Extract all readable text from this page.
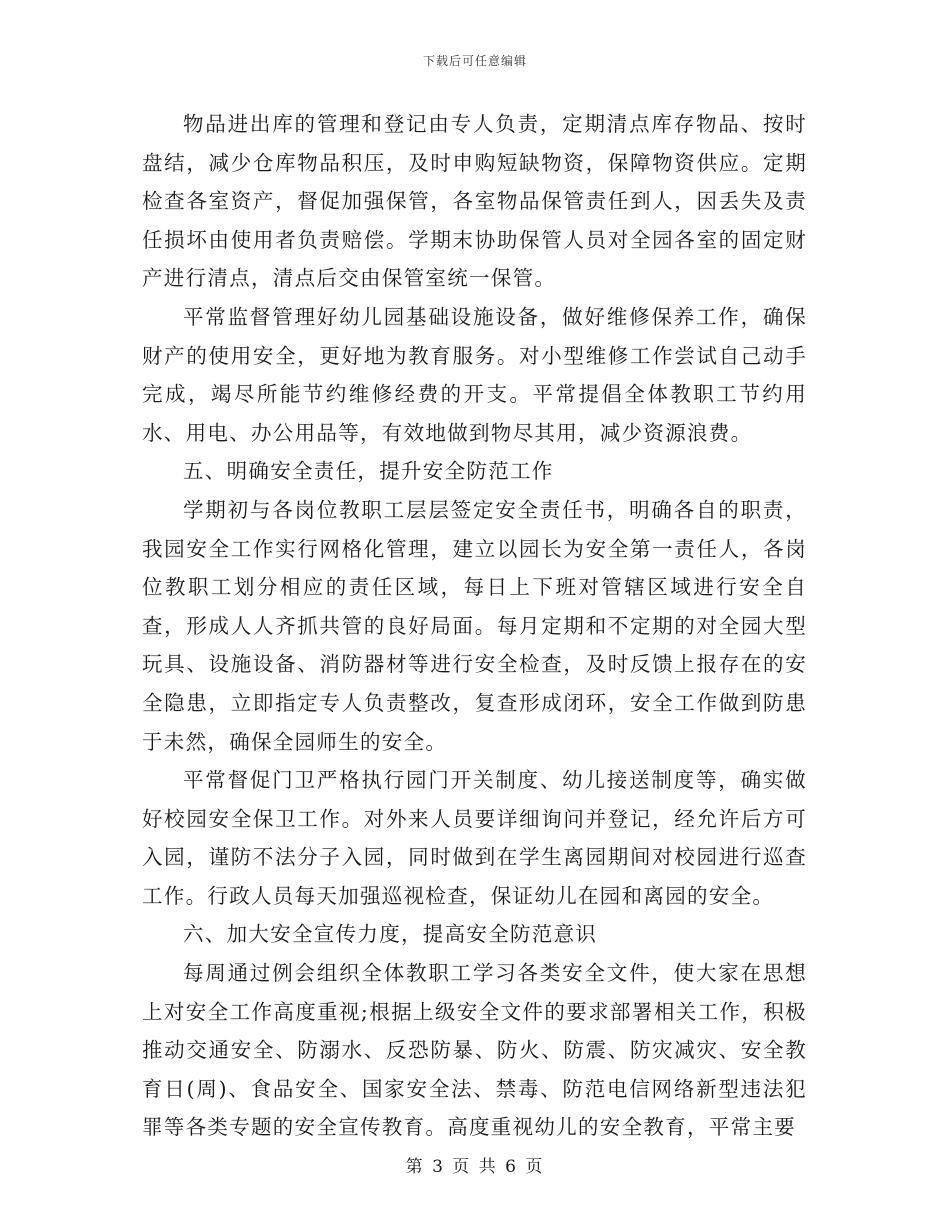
下载后可任意编辑

物品进出库的管理和登记由专人负责，定期清点库存物品、按时盘结，减少仓库物品积压，及时申购短缺物资，保障物资供应。定期检查各室资产，督促加强保管，各室物品保管责任到人，因丢失及责任损坏由使用者负责赔偿。学期末协助保管人员对全园各室的固定财产进行清点，清点后交由保管室统一保管。

平常监督管理好幼儿园基础设施设备，做好维修保养工作，确保财产的使用安全，更好地为教育服务。对小型维修工作尝试自己动手完成，竭尽所能节约维修经费的开支。平常提倡全体教职工节约用水、用电、办公用品等，有效地做到物尽其用，减少资源浪费。

五、明确安全责任，提升安全防范工作

学期初与各岗位教职工层层签定安全责任书，明确各自的职责，我园安全工作实行网格化管理，建立以园长为安全第一责任人，各岗位教职工划分相应的责任区域，每日上下班对管辖区域进行安全自查，形成人人齐抓共管的良好局面。每月定期和不定期的对全园大型玩具、设施设备、消防器材等进行安全检查，及时反馈上报存在的安全隐患，立即指定专人负责整改，复查形成闭环，安全工作做到防患于未然，确保全园师生的安全。

平常督促门卫严格执行园门开关制度、幼儿接送制度等，确实做好校园安全保卫工作。对外来人员要详细询问并登记，经允许后方可入园，谨防不法分子入园，同时做到在学生离园期间对校园进行巡查工作。行政人员每天加强巡视检查，保证幼儿在园和离园的安全。

六、加大安全宣传力度，提高安全防范意识

每周通过例会组织全体教职工学习各类安全文件，使大家在思想上对安全工作高度重视;根据上级安全文件的要求部署相关工作，积极推动交通安全、防溺水、反恐防暴、防火、防震、防灾减灾、安全教育日(周)、食品安全、国家安全法、禁毒、防范电信网络新型违法犯罪等各类专题的安全宣传教育。高度重视幼儿的安全教育，平常主要

第 3 页 共 6 页
